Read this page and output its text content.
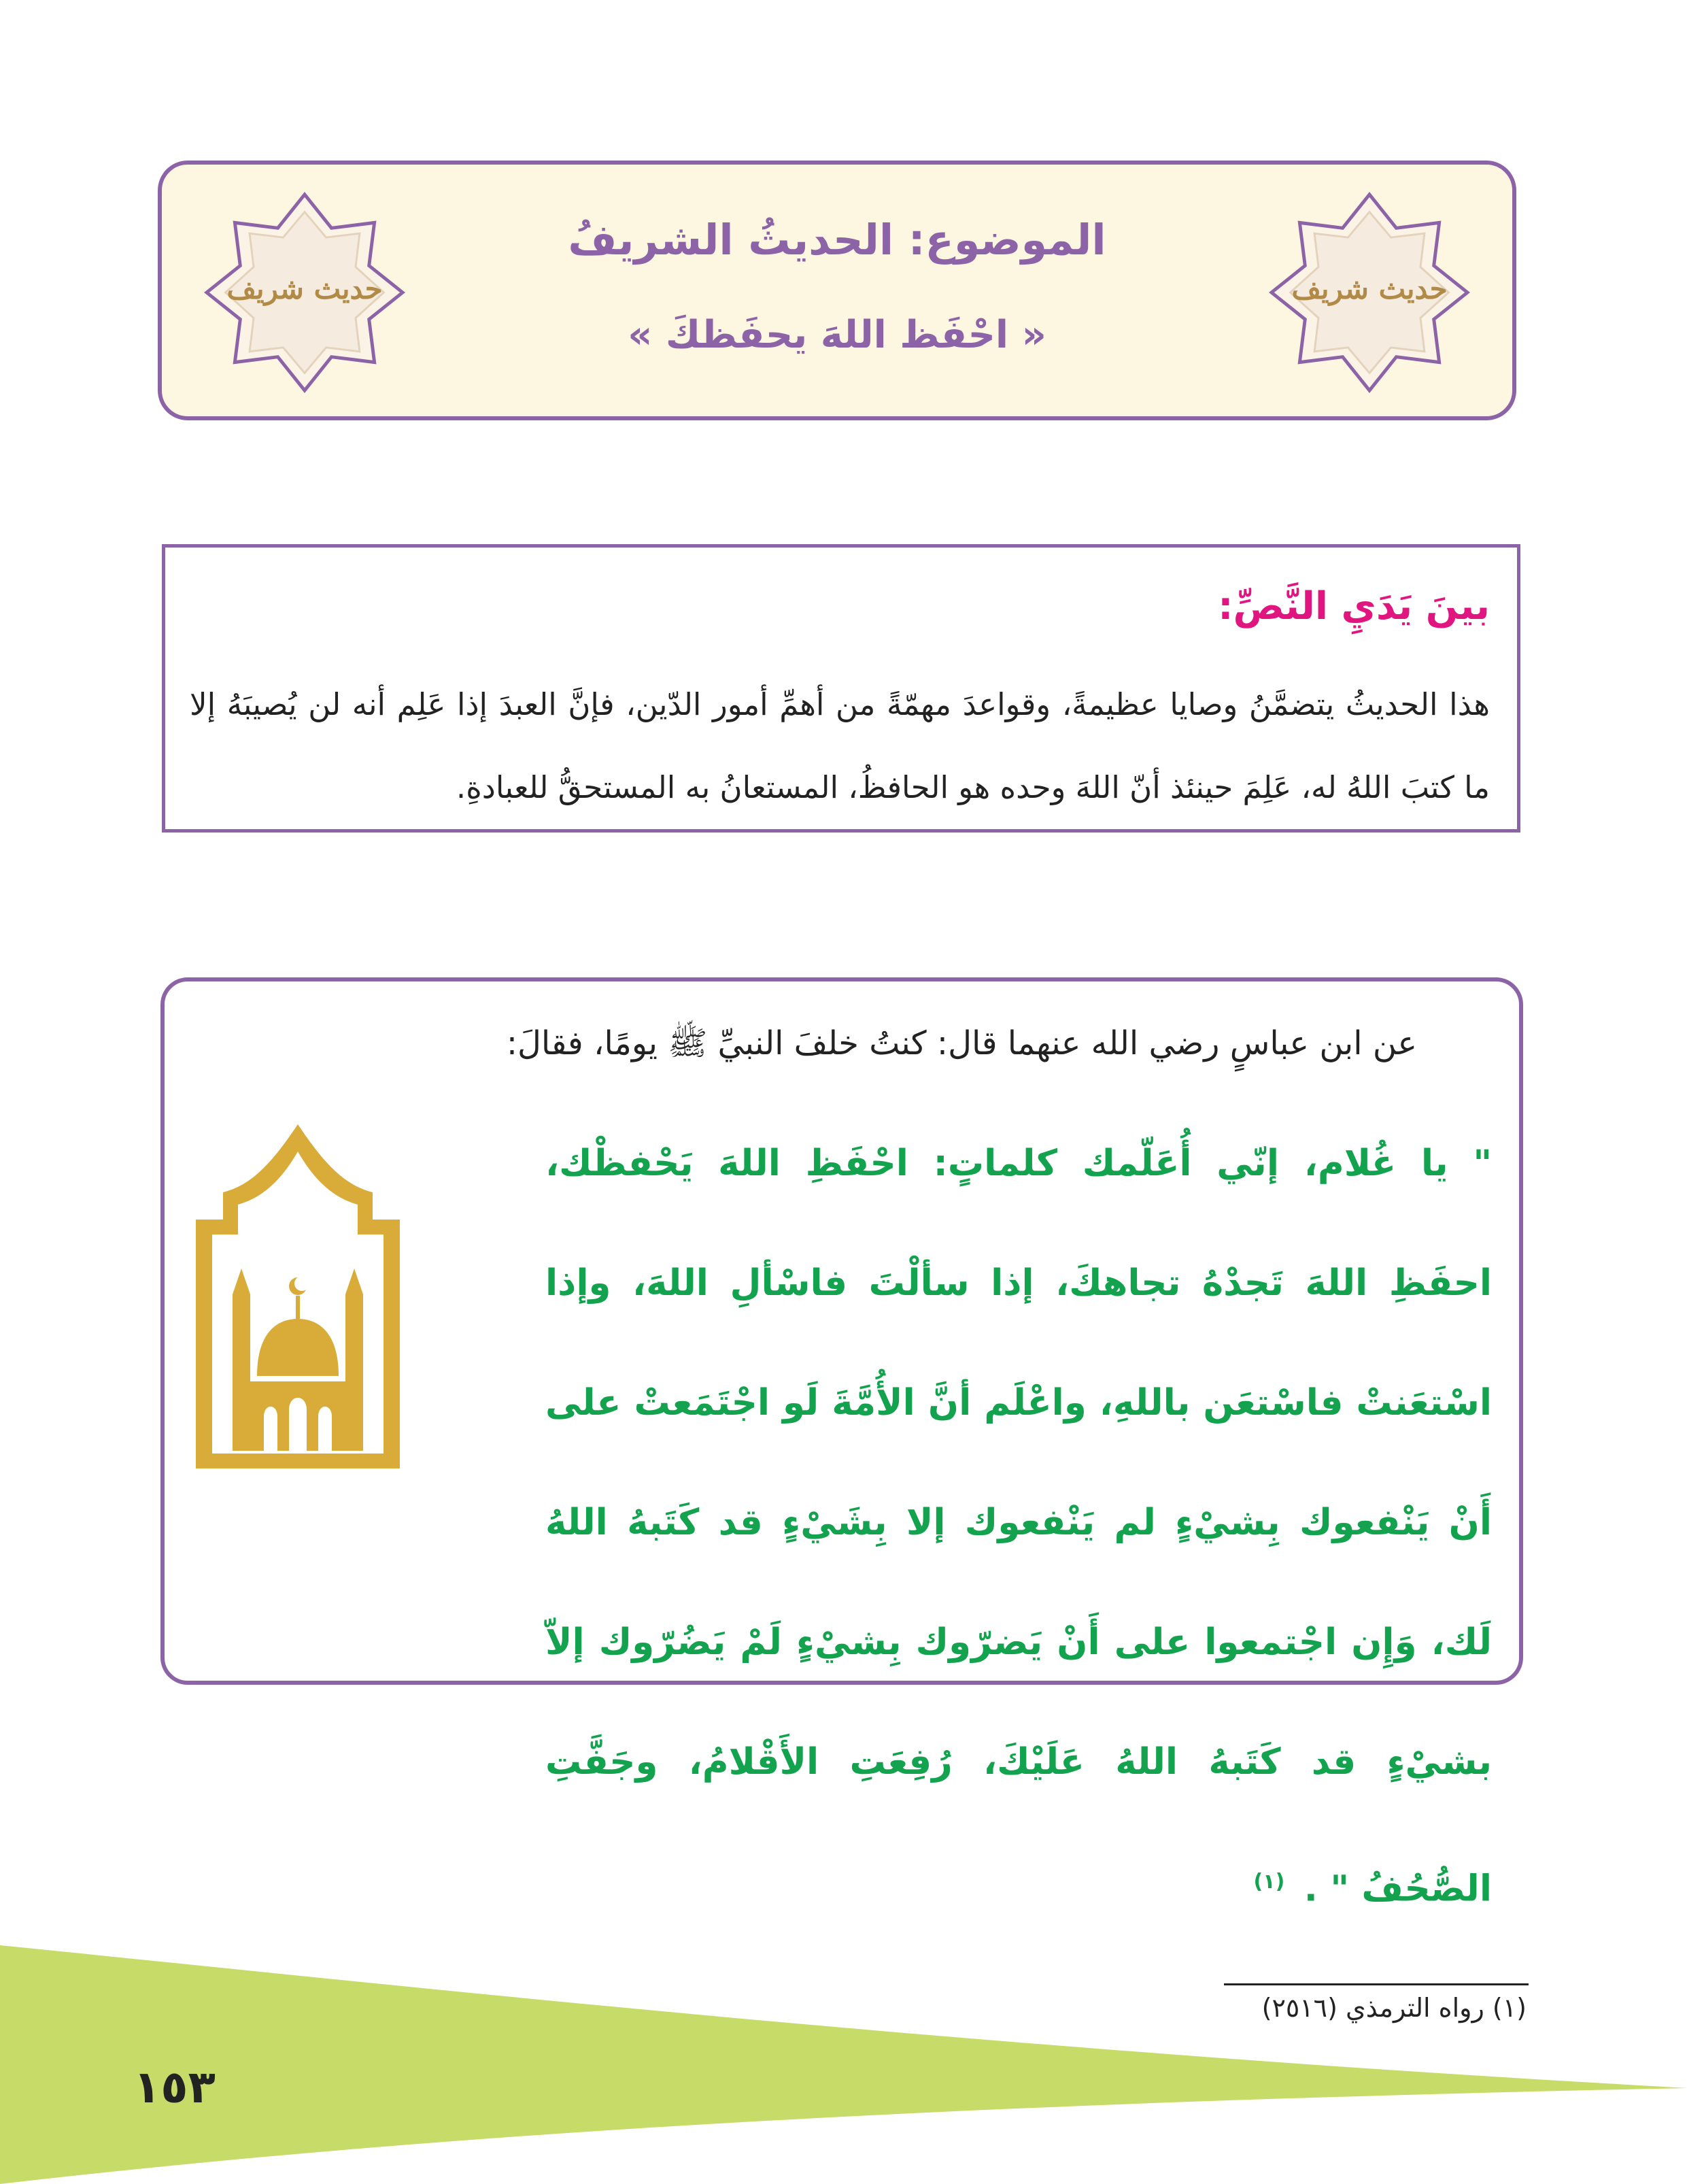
حديث شريف
حديث شريف
الموضوع: الحديثُ الشريفُ
« احْفَظ اللهَ يحفَظكَ »
بينَ يَدَيِ النَّصِّ:
هذا الحديثُ يتضمَّنُ وصايا عظيمةً، وقواعدَ مهمّةً من أهمِّ أمور الدّين، فإنَّ العبدَ إذا عَلِم أنه لن يُصيبَهُ إلا ما كتبَ اللهُ له، عَلِمَ حينئذ أنّ اللهَ وحده هو الحافظُ، المستعانُ به المستحقُّ للعبادةِ.
عن ابن عباسٍ رضي الله عنهما قال: كنتُ خلفَ النبيِّ ﷺ يومًا، فقالَ:
" يا غُلام، إنّي أُعَلّمك كلماتٍ: احْفَظِ اللهَ يَحْفظْك، احفَظِ اللهَ تَجدْهُ تجاهكَ، إذا سألْتَ فاسْألِ اللهَ، وإذا اسْتعَنتْ فاسْتعَن باللهِ، واعْلَم أنَّ الأُمَّةَ لَو اجْتَمَعتْ على أَنْ يَنْفعوك بِشيْءٍ لم يَنْفعوك إلا بِشَيْءٍ قد كَتَبهُ اللهُ لَك، وَإِن اجْتمعوا على أَنْ يَضرّوك بِشيْءٍ لَمْ يَضُرّوك إلاّ بشيْءٍ قد كَتَبهُ اللهُ عَلَيْكَ، رُفِعَتِ الأَقْلامُ، وجَفَّتِ الصُّحُفُ " . $^{(١)}$
(١) رواه الترمذي (٢٥١٦)
١٥٣
